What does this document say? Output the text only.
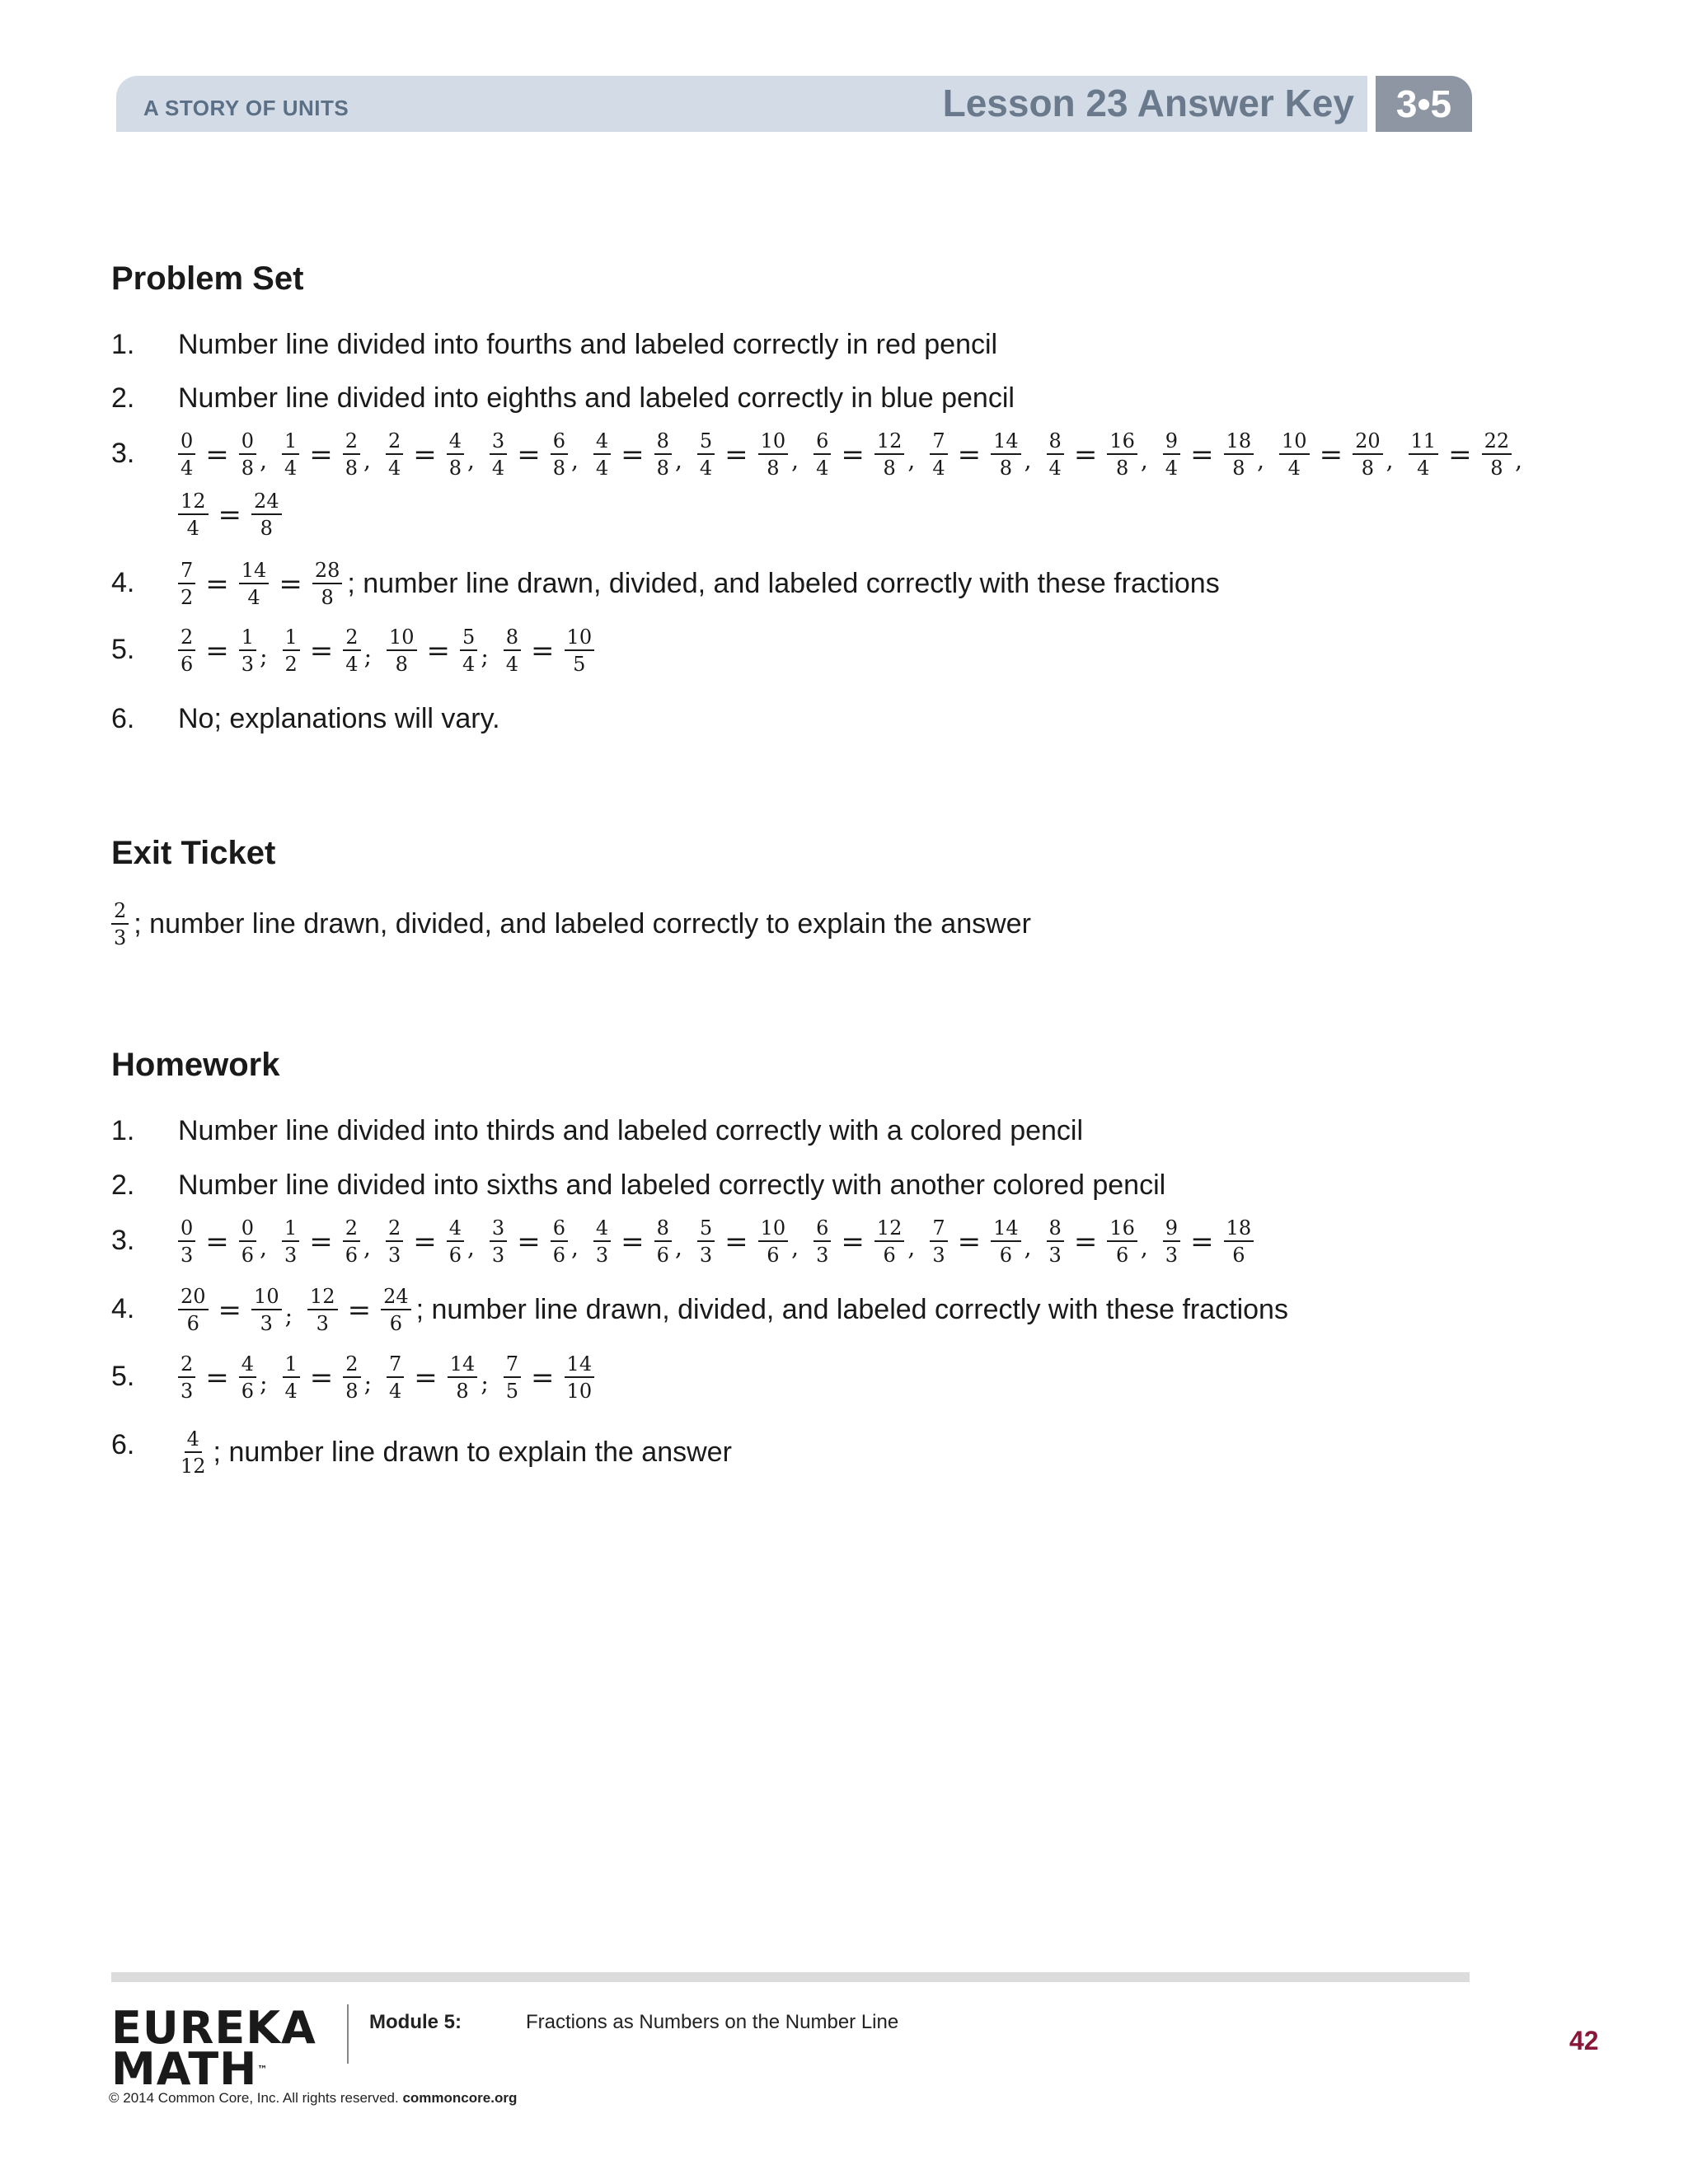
A STORY OF UNITS	Lesson 23 Answer Key	3•5
Problem Set
1.	Number line divided into fourths and labeled correctly in red pencil
2.	Number line divided into eighths and labeled correctly in blue pencil
3.	$\frac{0}{4} = \frac{0}{8}$ , $\frac{1}{4} = \frac{2}{8}$ , $\frac{2}{4} = \frac{4}{8}$ , $\frac{3}{4} = \frac{6}{8}$ , $\frac{4}{4} = \frac{8}{8}$ , $\frac{5}{4} = \frac{10}{8}$ , $\frac{6}{4} = \frac{12}{8}$ , $\frac{7}{4} = \frac{14}{8}$ , $\frac{8}{4} = \frac{16}{8}$ , $\frac{9}{4} = \frac{18}{8}$ , $\frac{10}{4} = \frac{20}{8}$ , $\frac{11}{4} = \frac{22}{8}$ ,
$\frac{12}{4} = \frac{24}{8}$
4.	$\frac{7}{2} = \frac{14}{4} = \frac{28}{8}$ ; number line drawn, divided, and labeled correctly with these fractions
5.	$\frac{2}{6} = \frac{1}{3}$ ; $\frac{1}{2} = \frac{2}{4}$ ; $\frac{10}{8} = \frac{5}{4}$ ; $\frac{8}{4} = \frac{10}{5}$
6.	No; explanations will vary.
Exit Ticket
$\frac{2}{3}$ ; number line drawn, divided, and labeled correctly to explain the answer
Homework
1.	Number line divided into thirds and labeled correctly with a colored pencil
2.	Number line divided into sixths and labeled correctly with another colored pencil
3.	$\frac{0}{3} = \frac{0}{6}$ , $\frac{1}{3} = \frac{2}{6}$ , $\frac{2}{3} = \frac{4}{6}$ , $\frac{3}{3} = \frac{6}{6}$ , $\frac{4}{3} = \frac{8}{6}$ , $\frac{5}{3} = \frac{10}{6}$ , $\frac{6}{3} = \frac{12}{6}$ , $\frac{7}{3} = \frac{14}{6}$ , $\frac{8}{3} = \frac{16}{6}$ , $\frac{9}{3} = \frac{18}{6}$
4.	$\frac{20}{6} = \frac{10}{3}$ ; $\frac{12}{3} = \frac{24}{6}$ ; number line drawn, divided, and labeled correctly with these fractions
5.	$\frac{2}{3} = \frac{4}{6}$ ; $\frac{1}{4} = \frac{2}{8}$ ; $\frac{7}{4} = \frac{14}{8}$ ; $\frac{7}{5} = \frac{14}{10}$
6.	$\frac{4}{12}$ ; number line drawn to explain the answer
EUREKA
MATH™
Module 5:	Fractions as Numbers on the Number Line
© 2014 Common Core, Inc. All rights reserved. commoncore.org
42
